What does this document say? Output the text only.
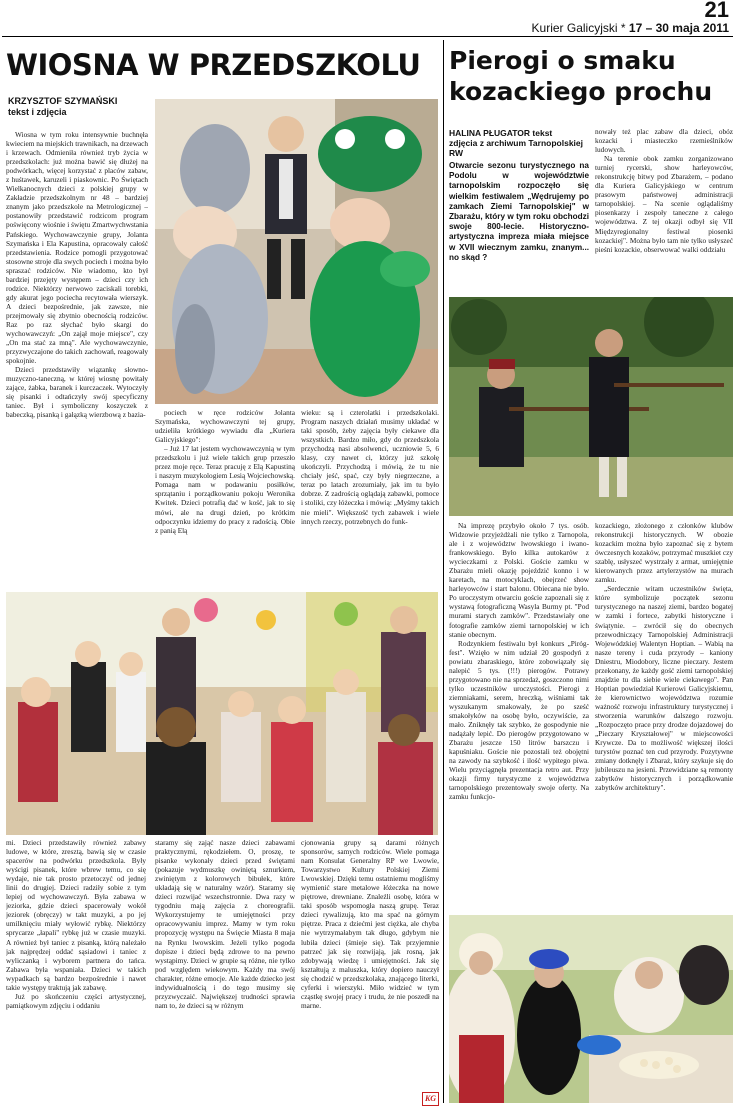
21
Kurier Galicyjski * 17 – 30 maja 2011
WIOSNA W PRZEDSZKOLU
KRZYSZTOF SZYMAŃSKI
tekst i zdjęcia

Wiosna w tym roku intensywnie buchnęła kwieciem na miejskich trawnikach, na drzewach i krzewach. Odmieniła również tryb życia w przedszkolach: już można bawić się dłużej na podwórkach, więcej korzystać z placów zabaw, z huśtawek, karuzeli i piaskownic. Po Świętach Wielkanocnych dzieci z polskiej grupy w Zakładzie przedszkolnym nr 48 – bardziej znanym jako przedszkole na Metrologicznej – postanowiły przedstawić rodzicom program poświęcony wiośnie i świętu Zmartwychwstania Pańskiego. Wychowawczynie grupy, Jolanta Szymańska i Ela Kapustina, opracowały całość przedstawienia. Rodzice pomogli przygotować stosowne stroje dla swych pociech i można było spraszać rodziców. Nie wiadomo, kto był bardziej przejęty występem – dzieci czy ich rodzice. Niektórzy nerwowo zaciskali torebki, gdy akurat jego pociecha recytowała wierszyk. A dzieci bezpośrednie, jak zawsze, nie przejmowały się zbytnio obecnością rodziców. Raz po raz słychać było skargi do wychowawczyń: „On zajął moje miejsce", czy „On ma stać za mną". Ale wychowawczynie, przyzwyczajone do takich zachowań, reagowały spokojnie.

Dzieci przedstawiły wiązankę słowno-muzyczno-taneczną, w której wiosnę powitały zające, żabka, baranek i kurczaczek. Wytoczyły się pisanki i odtańczyły swój specyficzny taniec. Był i symboliczny koszyczek z babeczką, pisanką i gałązką wierzbową z bazia-	pociech w ręce rodziców Jolanta Szymańska, wychowawczyni tej grupy, udzieliła krótkiego wywiadu dla „Kuriera Galicyjskiego":

– Już 17 lat jestem wychowawczynią w tym przedszkolu i już wiele takich grup przeszło przez moje ręce. Teraz pracuję z Elą Kapustiną i naszym muzykologiem Lesią Wojciechowską. Pomaga nam w podawaniu posiłków, sprzątaniu i porządkowaniu pokoju Weronika Kwitek. Dzieci potrafią dać w kość, jak to się mówi, ale na drugi dzień, po krótkim odpoczynku idziemy do pracy z radością. Obie z panią Elą

wieku: są i czterolatki i przedszkolaki. Program naszych działań musimy układać w taki sposób, żeby zajęcia były ciekawe dla wszystkich. Bardzo miło, gdy do przedszkola przychodzą nasi absolwenci, uczniowie 5, 6 klasy, czy nawet ci, którzy już szkołę ukończyli. Przychodzą i mówią, że tu nie chciały jeść, spać, czy były niegrzeczne, a teraz po latach zrozumiały, jak im tu było dobrze. Z zadrością oglądają zabawki, pomoce i stoliki, czy łóżeczka i mówią: „Myśmy takich nie mieli". Większość tych zabawek i wiele innych rzeczy, potrzebnych do funk-

mi. Dzieci przedstawiły również zabawy ludowe, w które, zresztą, bawią się w czasie spacerów na podwórku przedszkola. Były wyścigi pisanek, które wbrew temu, co się wydaje, nie tak prosto przetoczyć od jednej linii do drugiej. Dzieci radziły sobie z tym lepiej od wychowawczyń. Była zabawa w jeziorka, gdzie dzieci spacerowały wokół jeziorek (obręczy) w takt muzyki, a po jej umilknięciu miały wyłowić rybkę. Niektórzy sprycarze „łapali" rybkę już w czasie muzyki. A również był taniec z pisanką, którą należało jak najprędzej oddać sąsiadowi i taniec z wyliczanką i wyborem partnera do tańca. Zabawa była wspaniała. Dzieci w takich wypadkach są bardzo bezpośrednie i nawet takie występy traktują jak zabawę.

Już po skończeniu części artystycznej, pamiątkowym zdjęciu i oddaniu

staramy się zająć nasze dzieci zabawami praktycznymi, rękodziełem. O, proszę, te pisanke wykonały dzieci przed świętami (pokazuje wydmuszkę owiniętą sznurkiem, zwiniętym z kolorowych bibułek, które układają się w naturalny wzór). Staramy się dzieci rozwijać wszechstronnie. Dwa razy w tygodniu mają zajęcia z choreografii. Wykorzystujemy te umiejętności przy opracowywaniu imprez. Mamy w tym roku propozycję występu na Święcie Miasta 8 maja na Rynku lwowskim. Jeżeli tylko pogoda dopisze i dzieci będą zdrowe to na pewno wystąpimy. Dzieci w grupie są różne, nie tylko pod względem wiekowym. Każdy ma swój charakter, różne emocje. Ale każde dziecko jest indywidualnością i do tego musimy się przyzwyczaić. Największej trudności sprawia nam to, że dzieci są w różnym

cjonowania grupy są darami różnych sponsorów, samych rodziców. Wiele pomaga nam Konsulat Generalny RP we Lwowie, Towarzystwo Kultury Polskiej Ziemi Lwowskiej. Dzięki temu ostatniemu mogliśmy wymienić stare metalowe łóżeczka na nowe piętrowe, drewniane. Znaleźli osobę, która w taki sposób wspomogła naszą grupę. Teraz dzieci rywalizują, kto ma spać na górnym piętrze. Praca z dziećmi jest ciężka, ale chyba nie wytrzymałabym tak długo, gdybym nie lubiła dzieci (śmieje się). Tak przyjemnie patrzeć jak się rozwijają, jak rosną, jak zdobywają wiedzę i umiejętności. Jak się kształtują z maluszka, który dopiero nauczył się chodzić w przedszkolaka, znającego literki, cyferki i wierszyki. Miło widzieć w tym cząstkę swojej pracy i trudu, że nie poszedł na marne.

Pierogi o smaku
kozackiego prochu
HALINA PŁUGATOR tekst
zdjęcia z archiwum Tarnopolskiej RW
Otwarcie sezonu turystycznego na Podolu w województwie tarnopolskim rozpoczęło się wielkim festiwalem „Wędrujemy po zamkach Ziemi Tarnopolskiej" w Zbarażu, który w tym roku obchodzi swoje 800-lecie. Historyczno-artystyczna impreza miała miejsce w XVII wiecznym zamku, znanym... no skąd ?

nowały też plac zabaw dla dzieci, obóz kozacki i miasteczko rzemieślników ludowych.

Na terenie obok zamku zorganizowano turniej rycerski, show harleyowców, rekonstrukcję bitwy pod Zbarażem, – podano dla Kuriera Galicyjskiego w centrum prasowym państwowej administracji tarnopolskiej. – Na scenie oglądaliśmy piosenkarzy i zespoły taneczne z całego województwa. Z tej okazji odbył się VII Międzyregionalny festiwal piosenki kozackiej". Można było tam nie tylko usłyszeć pieśni kozackie, obserwować walki oddziału

Na imprezę przybyło około 7 tys. osób. Widzowie przyjeżdżali nie tylko z Tarnopola, ale i z województw lwowskiego i iwano-frankowskiego. Było kilka autokarów z wycieczkami z Polski. Goście zamku w Zbarażu mieli okazję pojeździć konno i w karetach, na motocyklach, obejrzeć show harleyowców i start balonu. Obiecana nie było. Po uroczystym otwarciu goście zapoznali się z wystawą fotograficzną Wasyla Burmy pt. "Pod murami starych zamków". Przedstawiały one fotografie zamków ziemi tarnopolskiej w ich stanie obecnym.

Rodzynkiem festiwalu był konkurs „Piróg-fest". Wzięło w nim udział 20 gospodyń z powiatu zbaraskiego, które zobowiązały się nalepić 5 tys. (!!!) pierogów. Potrawy przygotowano nie na sprzedaż, goszczono nimi tylko uczestników uroczystości. Pierogi z ziemniakami, serem, hreczką, wiśniami tak wyszukanym smakowały, że po sześć smakołyków na osobę było, oczywiście, za mało. Zniknęły tak szybko, że gospodynie nie nadążały lepić. Do pierogów przygotowano w Zbarażu jeszcze 150 litrów barszczu i kapuśniaku. Goście nie pozostali też obojętni na zawody na szybkość i ilość wypitego piwa. Wielu przyciągnęła prezentacja retro aut. Przy okazji firmy turystyczne z województwa tarnopolskiego prezentowały swoje oferty. Na zamku funkcjo-

kozackiego, złożonego z członków klubów rekonstrukcji historycznych. W obozie kozackim można było zapoznać się z bytem ówczesnych kozaków, potrzymać muszkiet czy szablę, usłyszeć wystrzały z armat, umiejętnie kierowanych przez artylerzystów na murach zamku.

„Serdecznie witam uczestników święta, które symbolizuje początek sezonu turystycznego na naszej ziemi, bardzo bogatej w zamki i fortece, zabytki historyczne i świątynie. – zwrócił się do obecnych przewodniczący Tarnopolskiej Administracji Wojewódzkiej Walentyn Hoptian. – Wabią na nasze tereny i cuda przyrody – kaniony Dniestru, Miodobory, liczne pieczary. Jestem przekonany, że każdy gość ziemi tarnopolskiej znajdzie tu dla siebie wiele ciekawego". Pan Hoptian powiedział Kurierowi Galicyjskiemu, że kierownictwo województwa rozumie ważność rozwoju infrastruktury turystycznej i stworzenia warunków dalszego rozwoju. „Rozpoczęto prace przy drodze dojazdowej do „Pieczary Kryształowej" w miejscowości Krywcze. Da to możliwość większej ilości turystów poznać ten cud przyrody. Pozytywne zmiany dotknęły i Zbaraż, który szykuje się do jubileuszu na jesieni. Przewidziane są remonty zabytków historycznych i porządkowanie zabytków architektury".

KG
